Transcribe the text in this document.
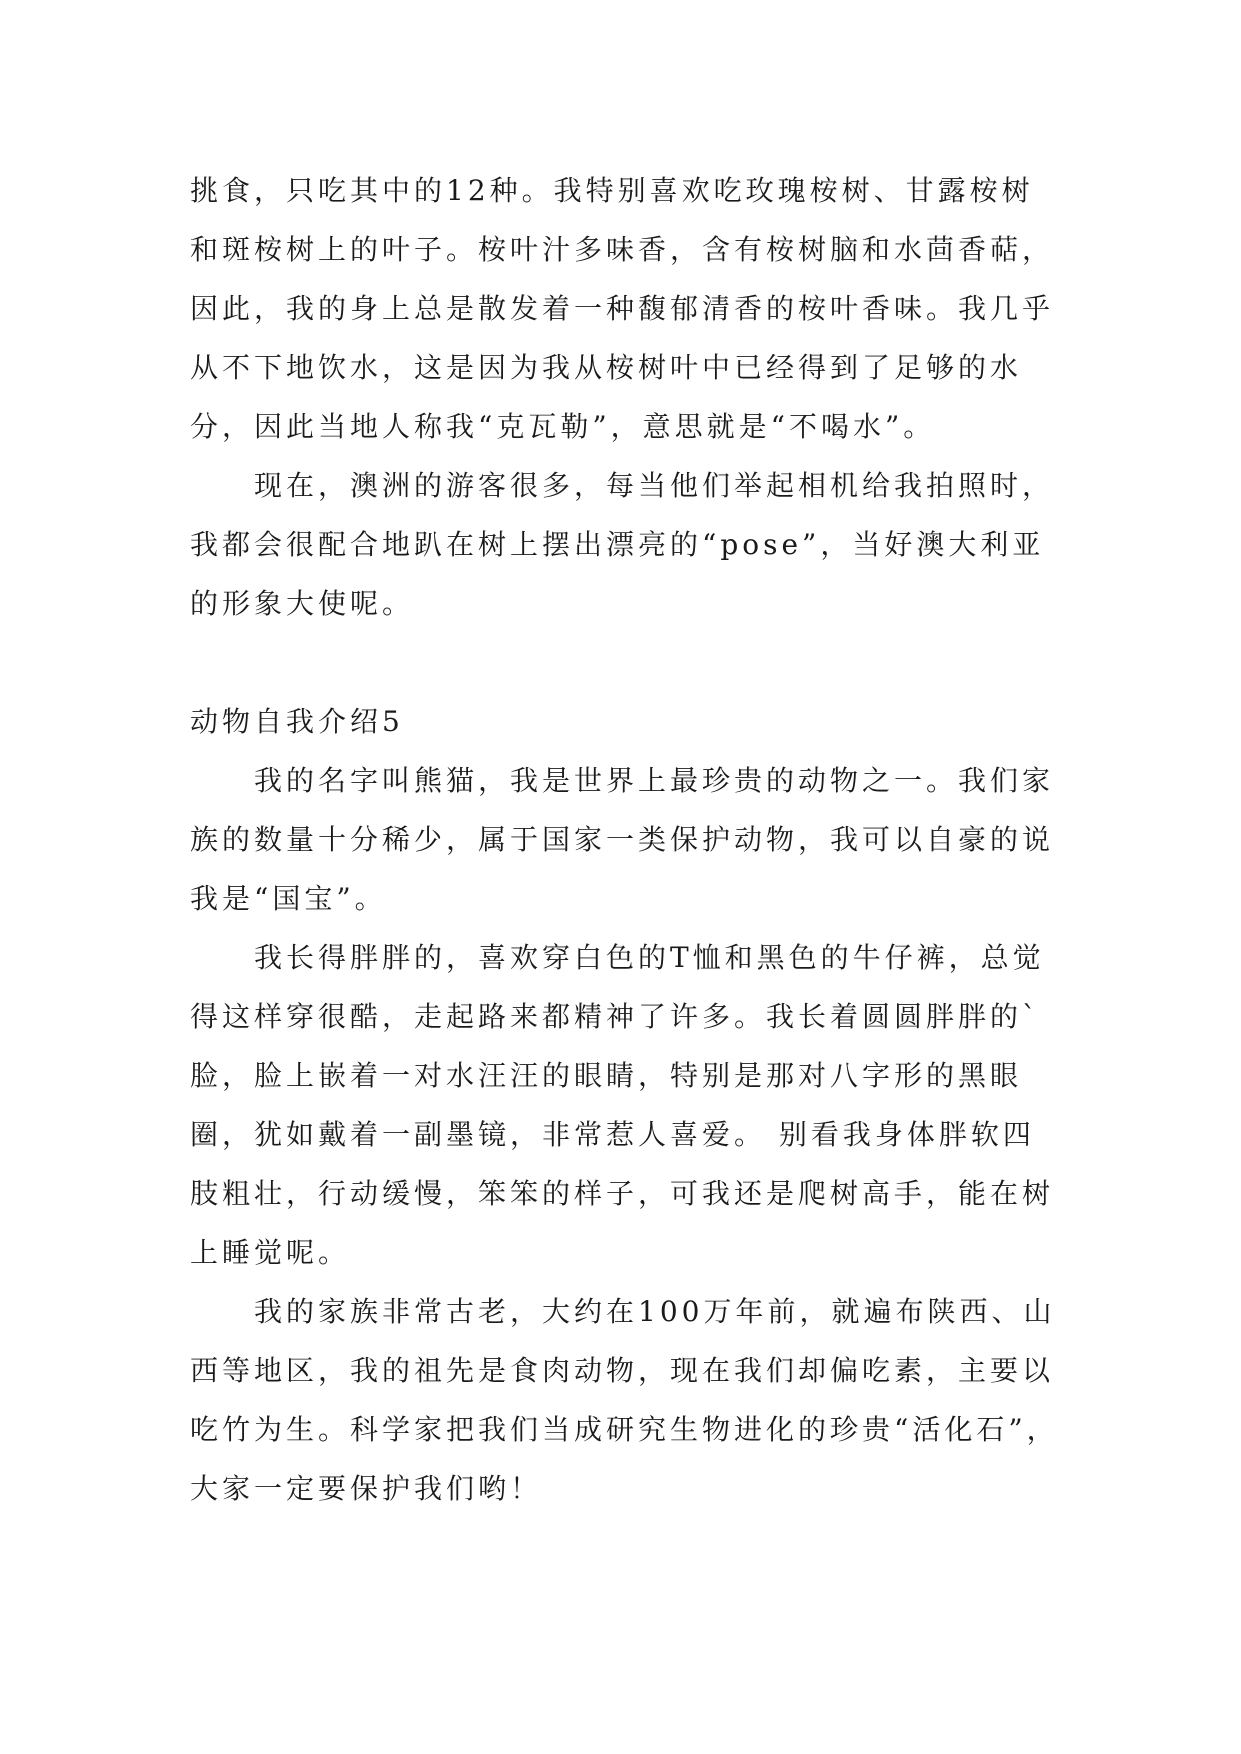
挑食，只吃其中的12种。我特别喜欢吃玫瑰桉树、甘露桉树和斑桉树上的叶子。桉叶汁多味香，含有桉树脑和水茴香萜，因此，我的身上总是散发着一种馥郁清香的桉叶香味。我几乎从不下地饮水，这是因为我从桉树叶中已经得到了足够的水分，因此当地人称我“克瓦勒”，意思就是“不喝水”。

现在，澳洲的游客很多，每当他们举起相机给我拍照时，我都会很配合地趴在树上摆出漂亮的“pose”，当好澳大利亚的形象大使呢。

动物自我介绍5

我的名字叫熊猫，我是世界上最珍贵的动物之一。我们家族的数量十分稀少，属于国家一类保护动物，我可以自豪的说我是“国宝”。

我长得胖胖的，喜欢穿白色的T恤和黑色的牛仔裤，总觉得这样穿很酷，走起路来都精神了许多。我长着圆圆胖胖的`脸，脸上嵌着一对水汪汪的眼睛，特别是那对八字形的黑眼圈，犹如戴着一副墨镜，非常惹人喜爱。 别看我身体胖软四肢粗壮，行动缓慢，笨笨的样子，可我还是爬树高手，能在树上睡觉呢。

我的家族非常古老，大约在100万年前，就遍布陕西、山西等地区，我的祖先是食肉动物，现在我们却偏吃素，主要以吃竹为生。科学家把我们当成研究生物进化的珍贵“活化石”，大家一定要保护我们哟！
